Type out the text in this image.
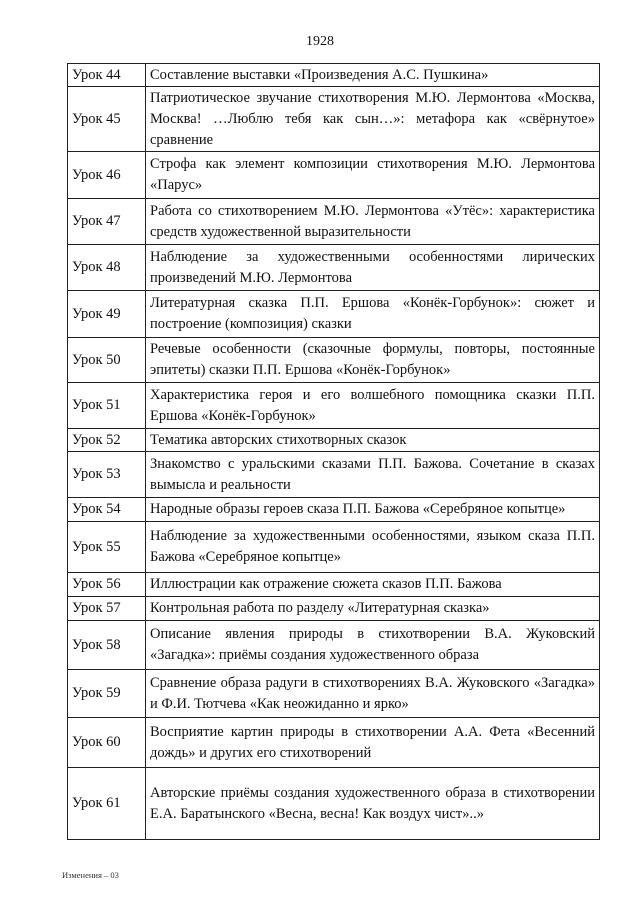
1928
Урок 44	Составление выставки «Произведения А.С. Пушкина»
Урок 45	Патриотическое звучание стихотворения М.Ю. Лермонтова «Москва, Москва! …Люблю тебя как сын…»: метафора как «свёрнутое» сравнение
Урок 46	Строфа как элемент композиции стихотворения М.Ю. Лермонтова «Парус»
Урок 47	Работа со стихотворением М.Ю. Лермонтова «Утёс»: характеристика средств художественной выразительности
Урок 48	Наблюдение за художественными особенностями лирических произведений М.Ю. Лермонтова
Урок 49	Литературная сказка П.П. Ершова «Конёк-Горбунок»: сюжет и построение (композиция) сказки
Урок 50	Речевые особенности (сказочные формулы, повторы, постоянные эпитеты) сказки П.П. Ершова «Конёк-Горбунок»
Урок 51	Характеристика героя и его волшебного помощника сказки П.П. Ершова «Конёк-Горбунок»
Урок 52	Тематика авторских стихотворных сказок
Урок 53	Знакомство с уральскими сказами П.П. Бажова. Сочетание в сказах вымысла и реальности
Урок 54	Народные образы героев сказа П.П. Бажова «Серебряное копытце»
Урок 55	Наблюдение за художественными особенностями, языком сказа П.П. Бажова «Серебряное копытце»
Урок 56	Иллюстрации как отражение сюжета сказов П.П. Бажова
Урок 57	Контрольная работа по разделу «Литературная сказка»
Урок 58	Описание явления природы в стихотворении В.А. Жуковский «Загадка»: приёмы создания художественного образа
Урок 59	Сравнение образа радуги в стихотворениях В.А. Жуковского «Загадка» и Ф.И. Тютчева «Как неожиданно и ярко»
Урок 60	Восприятие картин природы в стихотворении А.А. Фета «Весенний дождь» и других его стихотворений
Урок 61	Авторские приёмы создания художественного образа в стихотворении Е.А. Баратынского «Весна, весна! Как воздух чист»..»
Изменения – 03
